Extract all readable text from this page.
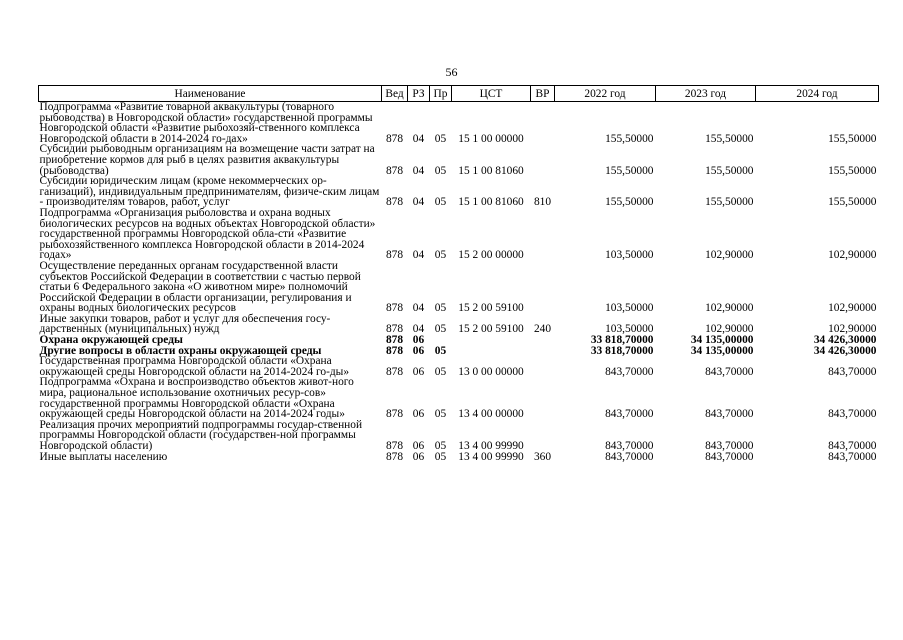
56
Наименование	Вед	РЗ	Пр	ЦСТ	ВР	2022 год	2023 год	2024 год
Подпрограмма «Развитие товарной аквакультуры (товарного рыбоводства) в Новгородской области» государственной программы Новгородской области «Развитие рыбохозяй-ственного комплекса Новгородской области в 2014-2024 го-дах»	878	04	05	15 1 00 00000		155,50000	155,50000	155,50000
Субсидии рыбоводным организациям на возмещение части затрат на приобретение кормов для рыб в целях развития аквакультуры (рыбоводства)	878	04	05	15 1 00 81060		155,50000	155,50000	155,50000
Субсидии юридическим лицам (кроме некоммерческих ор-ганизаций), индивидуальным предпринимателям, физиче-ским лицам - производителям товаров, работ, услуг	878	04	05	15 1 00 81060	810	155,50000	155,50000	155,50000
Подпрограмма «Организация рыболовства и охрана водных биологических ресурсов на водных объектах Новгородской области» государственной программы Новгородской обла-сти «Развитие рыбохозяйственного комплекса Новгородской области в 2014-2024 годах»	878	04	05	15 2 00 00000		103,50000	102,90000	102,90000
Осуществление переданных органам государственной власти субъектов Российской Федерации в соответствии с частью первой статьи 6 Федерального закона «О животном мире» полномочий Российской Федерации в области организации, регулирования и охраны водных биологических ресурсов	878	04	05	15 2 00 59100		103,50000	102,90000	102,90000
Иные закупки товаров, работ и услуг для обеспечения госу-дарственных (муниципальных) нужд	878	04	05	15 2 00 59100	240	103,50000	102,90000	102,90000
Охрана окружающей среды	878	06				33 818,70000	34 135,00000	34 426,30000
Другие вопросы в области охраны окружающей среды	878	06	05			33 818,70000	34 135,00000	34 426,30000
Государственная программа Новгородской области «Охрана окружающей среды Новгородской области на 2014-2024 го-ды»	878	06	05	13 0 00 00000		843,70000	843,70000	843,70000
Подпрограмма «Охрана и воспроизводство объектов живот-ного мира, рациональное использование охотничьих ресур-сов» государственной программы Новгородской области «Охрана окружающей среды Новгородской области на 2014-2024 годы»	878	06	05	13 4 00 00000		843,70000	843,70000	843,70000
Реализация прочих мероприятий подпрограммы государ-ственной программы Новгородской области (государствен-ной программы Новгородской области)	878	06	05	13 4 00 99990		843,70000	843,70000	843,70000
Иные выплаты населению	878	06	05	13 4 00 99990	360	843,70000	843,70000	843,70000
